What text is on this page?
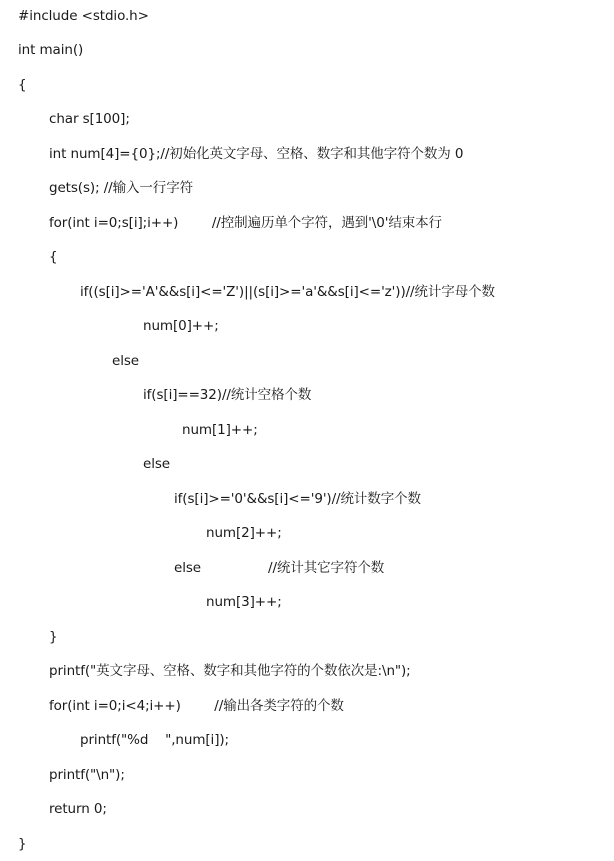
#include <stdio.h>
int main()
{
char s[100];
int num[4]={0};//初始化英文字母、空格、数字和其他字符个数为 0
gets(s); //输入一行字符
for(int i=0;s[i];i++)        //控制遍历单个字符，遇到'\0'结束本行
{
if((s[i]>='A'&&s[i]<='Z')||(s[i]>='a'&&s[i]<='z'))//统计字母个数
num[0]++;
else
if(s[i]==32)//统计空格个数
num[1]++;
else
if(s[i]>='0'&&s[i]<='9')//统计数字个数
num[2]++;
else                //统计其它字符个数
num[3]++;
}
printf("英文字母、空格、数字和其他字符的个数依次是:\n");
for(int i=0;i<4;i++)        //输出各类字符的个数
printf("%d    ",num[i]);
printf("\n");
return 0;
}
